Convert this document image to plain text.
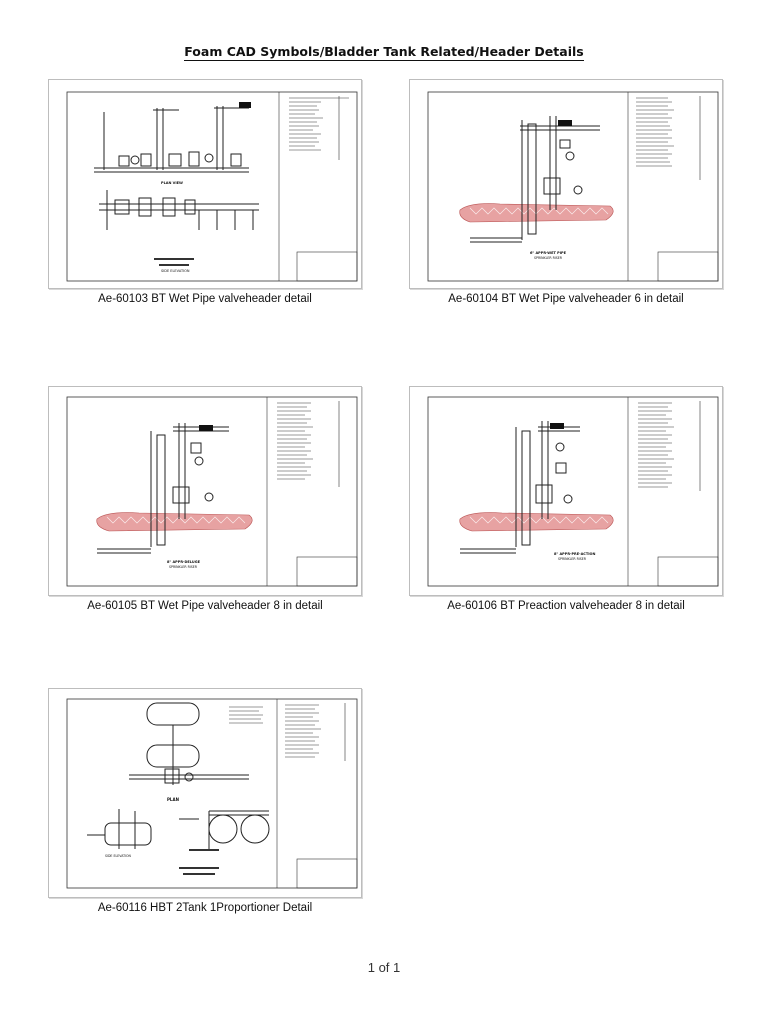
Foam CAD Symbols/Bladder Tank Related/Header Details
PLAN VIEW
SIDE ELEVATION
Ae-60103 BT Wet Pipe valveheader detail
6" APPR-WET PIPE
SPRINKLER RISER
Ae-60104 BT Wet Pipe valveheader 6 in detail
8" APPR-DELUGE
SPRINKLER RISER
Ae-60105 BT Wet Pipe valveheader 8 in detail
8" APPR-PRE-ACTION
SPRINKLER RISER
Ae-60106 BT Preaction valveheader 8 in detail
PLAN
SIDE ELEVATION
Ae-60116 HBT 2Tank 1Proportioner Detail
1 of 1
